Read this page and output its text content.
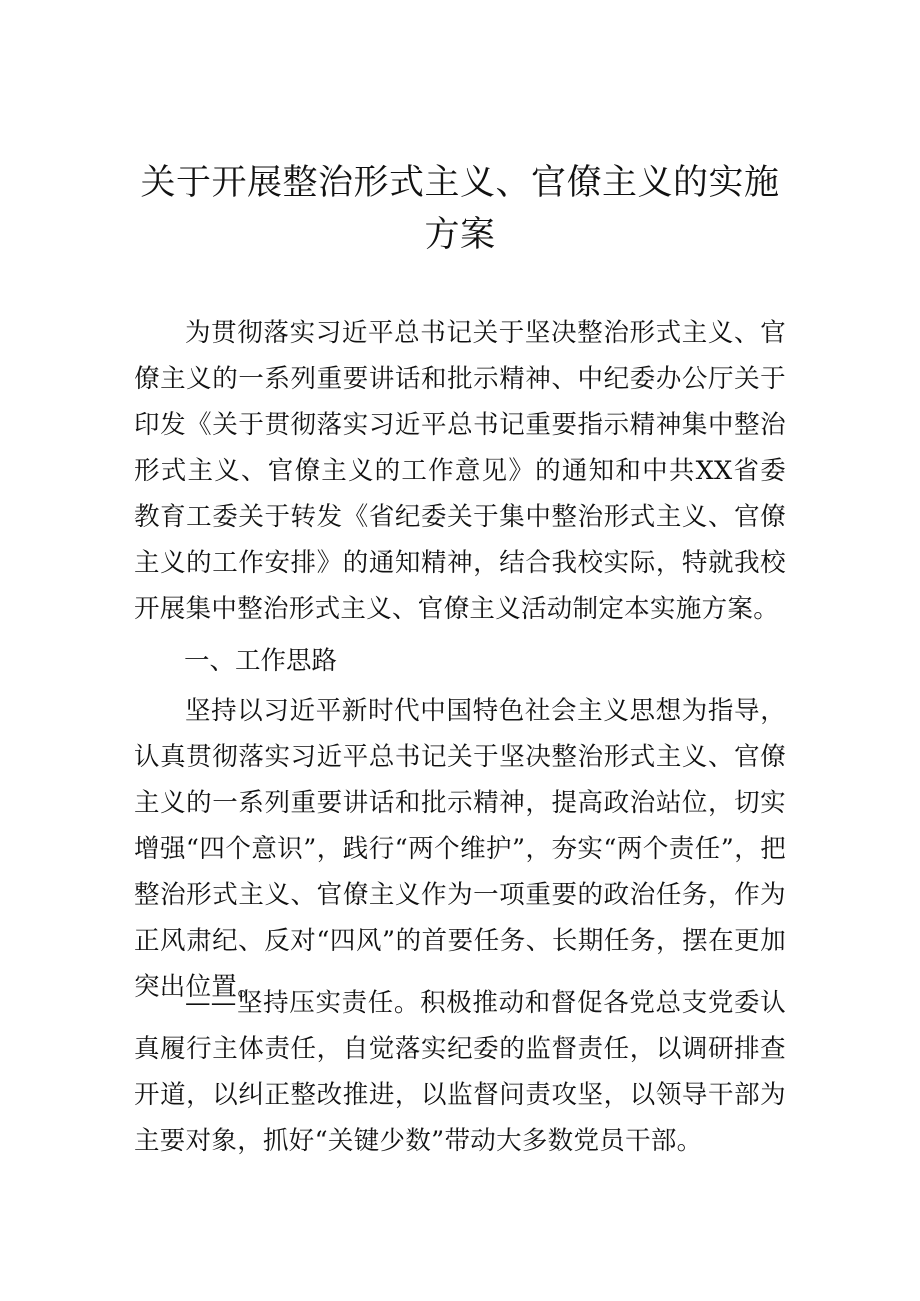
关于开展整治形式主义、官僚主义的实施
方案

为贯彻落实习近平总书记关于坚决整治形式主义、官僚主义的一系列重要讲话和批示精神、中纪委办公厅关于印发《关于贯彻落实习近平总书记重要指示精神集中整治形式主义、官僚主义的工作意见》的通知和中共XX省委教育工委关于转发《省纪委关于集中整治形式主义、官僚主义的工作安排》的通知精神，结合我校实际，特就我校开展集中整治形式主义、官僚主义活动制定本实施方案。

一、工作思路

坚持以习近平新时代中国特色社会主义思想为指导，认真贯彻落实习近平总书记关于坚决整治形式主义、官僚主义的一系列重要讲话和批示精神，提高政治站位，切实增强“四个意识”，践行“两个维护”，夯实“两个责任”，把整治形式主义、官僚主义作为一项重要的政治任务，作为正风肃纪、反对“四风”的首要任务、长期任务，摆在更加突出位置。

——坚持压实责任。积极推动和督促各党总支党委认真履行主体责任，自觉落实纪委的监督责任，以调研排查开道，以纠正整改推进，以监督问责攻坚，以领导干部为主要对象，抓好“关键少数”带动大多数党员干部。
